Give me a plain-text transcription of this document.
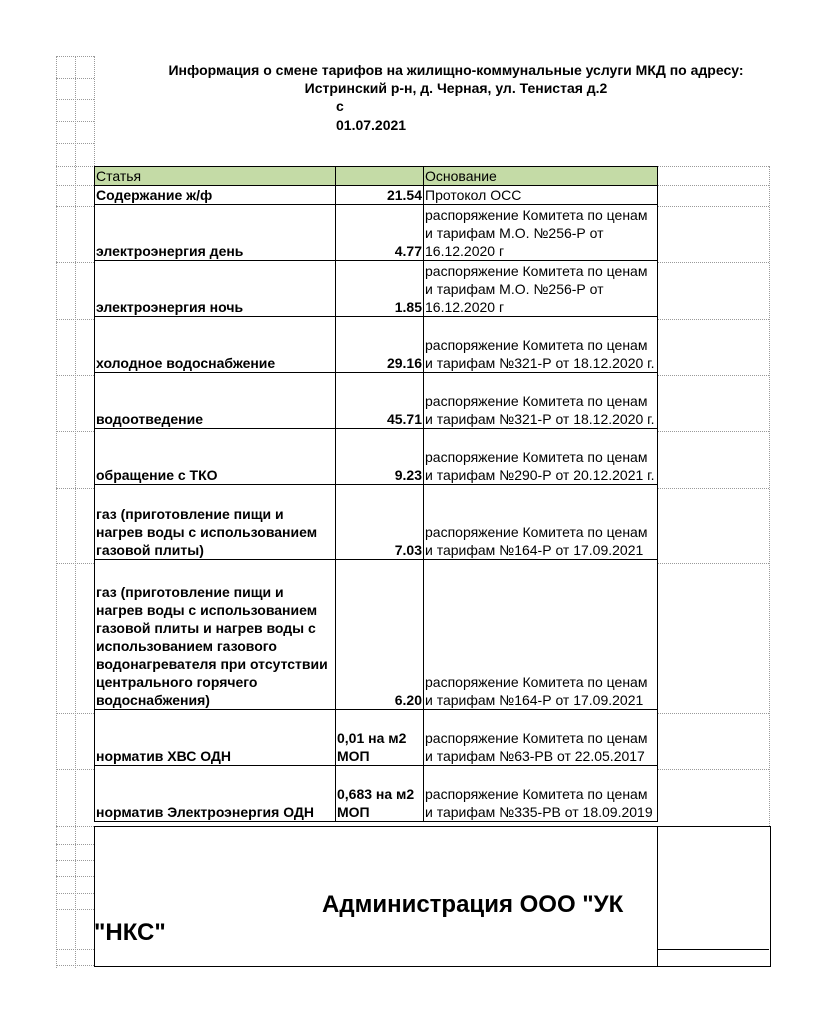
Информация о смене тарифов на жилищно-коммунальные услуги МКД по адресу:
Истринский р-н, д. Черная, ул. Тенистая д.2
с
01.07.2021
Статья		Основание
Содержание ж/ф	21.54	Протокол ОСС
электроэнергия день	4.77	распоряжение Комитета по ценам и тарифам М.О. №256-Р от 16.12.2020 г
электроэнергия ночь	1.85	распоряжение Комитета по ценам и тарифам М.О. №256-Р от 16.12.2020 г
холодное водоснабжение	29.16	распоряжение Комитета по ценам и тарифам №321-Р от 18.12.2020 г.
водоотведение	45.71	распоряжение Комитета по ценам и тарифам №321-Р от 18.12.2020 г.
обращение с ТКО	9.23	распоряжение Комитета по ценам и тарифам №290-Р от 20.12.2021 г.
газ (приготовление пищи и нагрев воды с использованием газовой плиты)	7.03	распоряжение Комитета по ценам и тарифам №164-Р от 17.09.2021
газ (приготовление пищи и нагрев воды с использованием газовой плиты и нагрев воды с использованием газового водонагревателя при отсутствии центрального горячего водоснабжения)	6.20	распоряжение Комитета по ценам и тарифам №164-Р от 17.09.2021
норматив ХВС ОДН	0,01 на м2 МОП	распоряжение Комитета по ценам и тарифам №63-РВ от 22.05.2017
норматив Электроэнергия ОДН	0,683 на м2 МОП	распоряжение Комитета по ценам и тарифам №335-РВ от 18.09.2019
Администрация ООО "УК
"НКС"
